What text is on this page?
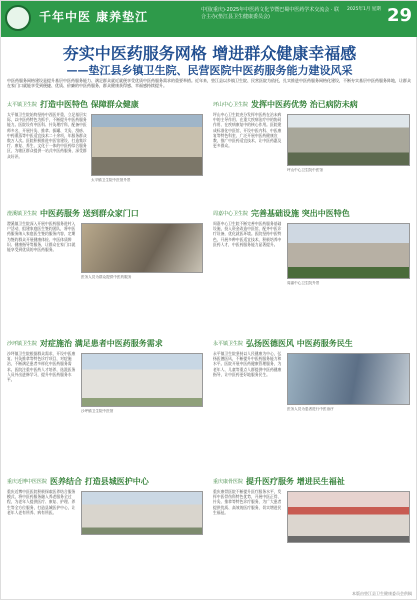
千年中医 康养垫江	中国(重庆)·2025年中医药文化节暨巴蜀中医药学术交流会 · 联合主办(垫江县卫生健康委员会)
2025年1月 星期 29
夯实中医药服务网格 增进群众健康幸福感
——垫江县乡镇卫生院、民营医院中医药服务能力建设风采
中医药服务网格建设是提升基层中医药服务能力、满足群众就近就便享受优质中医药服务需求的重要举措。近年来，垫江县以乡镇卫生院、民营医院为依托，扎实推进中医药服务网格化建设，不断夯实基层中医药服务阵地，让群众在家门口就能享受到便捷、优质、价廉的中医药服务，群众健康获得感、幸福感持续提升。
太平镇卫生院 打造中医特色 保障群众健康
太平镇卫生院始终坚持中西医并重，立足基层实际，以中医药特色为抓手，不断提升中医药服务能力。医院设有中医科、针灸理疗科，配备中医师多名，开展针灸、推拿、拔罐、艾灸、刮痧、中药熏蒸等中医适宜技术二十余项，年服务群众数万人次。医院积极推进中医馆建设，打造集诊疗、康复、养生、文化于一体的中医药综合服务区，为辖区群众提供一站式中医药服务，深受群众好评。
太平镇卫生院中医馆外景
坪山中心卫生院 发挥中医药优势 治已病防未病
坪山中心卫生院充分发挥中医药在治未病中的主导作用、在重大疾病治疗中的协同作用、在疾病康复中的核心作用。医院建成标准化中医馆，开设中医内科、中医康复等特色科室，广泛开展中医药健康宣教，推广中医药适宜技术，让中医药惠及更多群众。
坪山中心卫生院中医馆
澄溪镇卫生院 中医药服务 送到群众家门口
澄溪镇卫生院深入开展中医药服务进村入户活动，组建家庭医生签约团队，将中医药服务纳入家庭医生签约服务内容，定期为签约群众开展健康体检、中医体质辨识、健康指导等服务，让群众在家门口就能享受到优质的中医药服务。
医务人员为群众提供中医药服务
周嘉中心卫生院 完善基础设施 突出中医特色
周嘉中心卫生院不断完善中医药服务基础设施，投入资金改造中医馆，配齐中医诊疗设备，优化就医环境。医院坚持中医特色，开展多种中医适宜技术，积极培养中医药人才，中医药服务能力显著提升。
周嘉中心卫生院外景
沙坪镇卫生院 对症施治 满足患者中医药服务需求
沙坪镇卫生院根据群众需求，开设中医康复、针灸推拿等特色诊疗项目，对症施治，不断满足患者多样化中医药服务需求。医院注重中医药人才培养，选派医务人员外出进修学习，提升中医药服务水平。
沙坪镇卫生院中医馆
永平镇卫生院 弘扬医德医风 中医药服务民生
永平镇卫生院坚持以人民健康为中心，弘扬医德医风，不断提升中医药服务能力和水平。医院开展中医药健康管理服务，为老年人、儿童等重点人群提供中医药健康指导，让中医药更好地服务民生。
医务人员为患者进行中医治疗
重庆近博中医医院 医养结合 打造县城医护中心
重庆近博中医医院积极探索医养结合服务模式，将中医药服务融入养老服务全过程，为老年人提供医疗、康复、护理、养生等全方位服务，打造县城医护中心，让老年人老有所养、病有所医。
重庆康骨医院 提升医疗服务 增进民生福祉
重庆康骨医院不断提升医疗服务水平，发挥中医骨伤科特色优势，开展中医正骨、针灸、推拿等特色诊疗服务，为广大患者提供优质、高效的医疗服务，切实增进民生福祉。
本版由垫江县卫生健康委员会供稿
